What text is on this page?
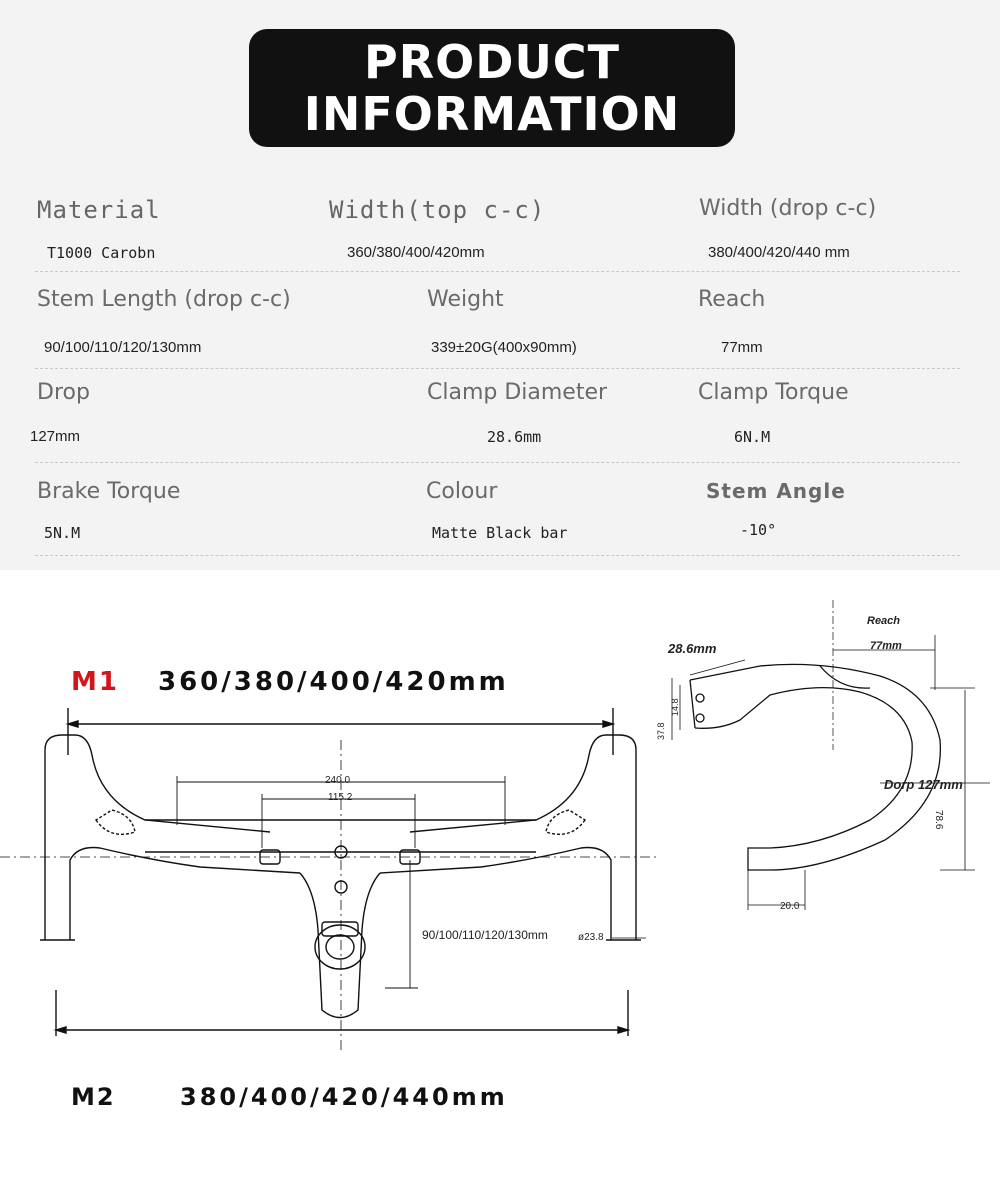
PRODUCT
INFORMATION
Material
T1000 Carobn
Width(top c-c)
360/380/400/420mm
Width (drop c-c)
380/400/420/440 mm
Stem Length (drop c-c)
90/100/110/120/130mm
Weight
339±20G(400x90mm)
Reach
77mm
Drop
127mm
Clamp Diameter
28.6mm
Clamp Torque
6N.M
Brake Torque
5N.M
Colour
Matte Black bar
Stem Angle
-10°
M1 360/380/400/420mm
240.0
115.2
90/100/110/120/130mm	ø23.8
28.6mm
Reach
77mm
Dorp 127mm
78.6
20.0
14.8
37.8
M2	380/400/420/440mm
